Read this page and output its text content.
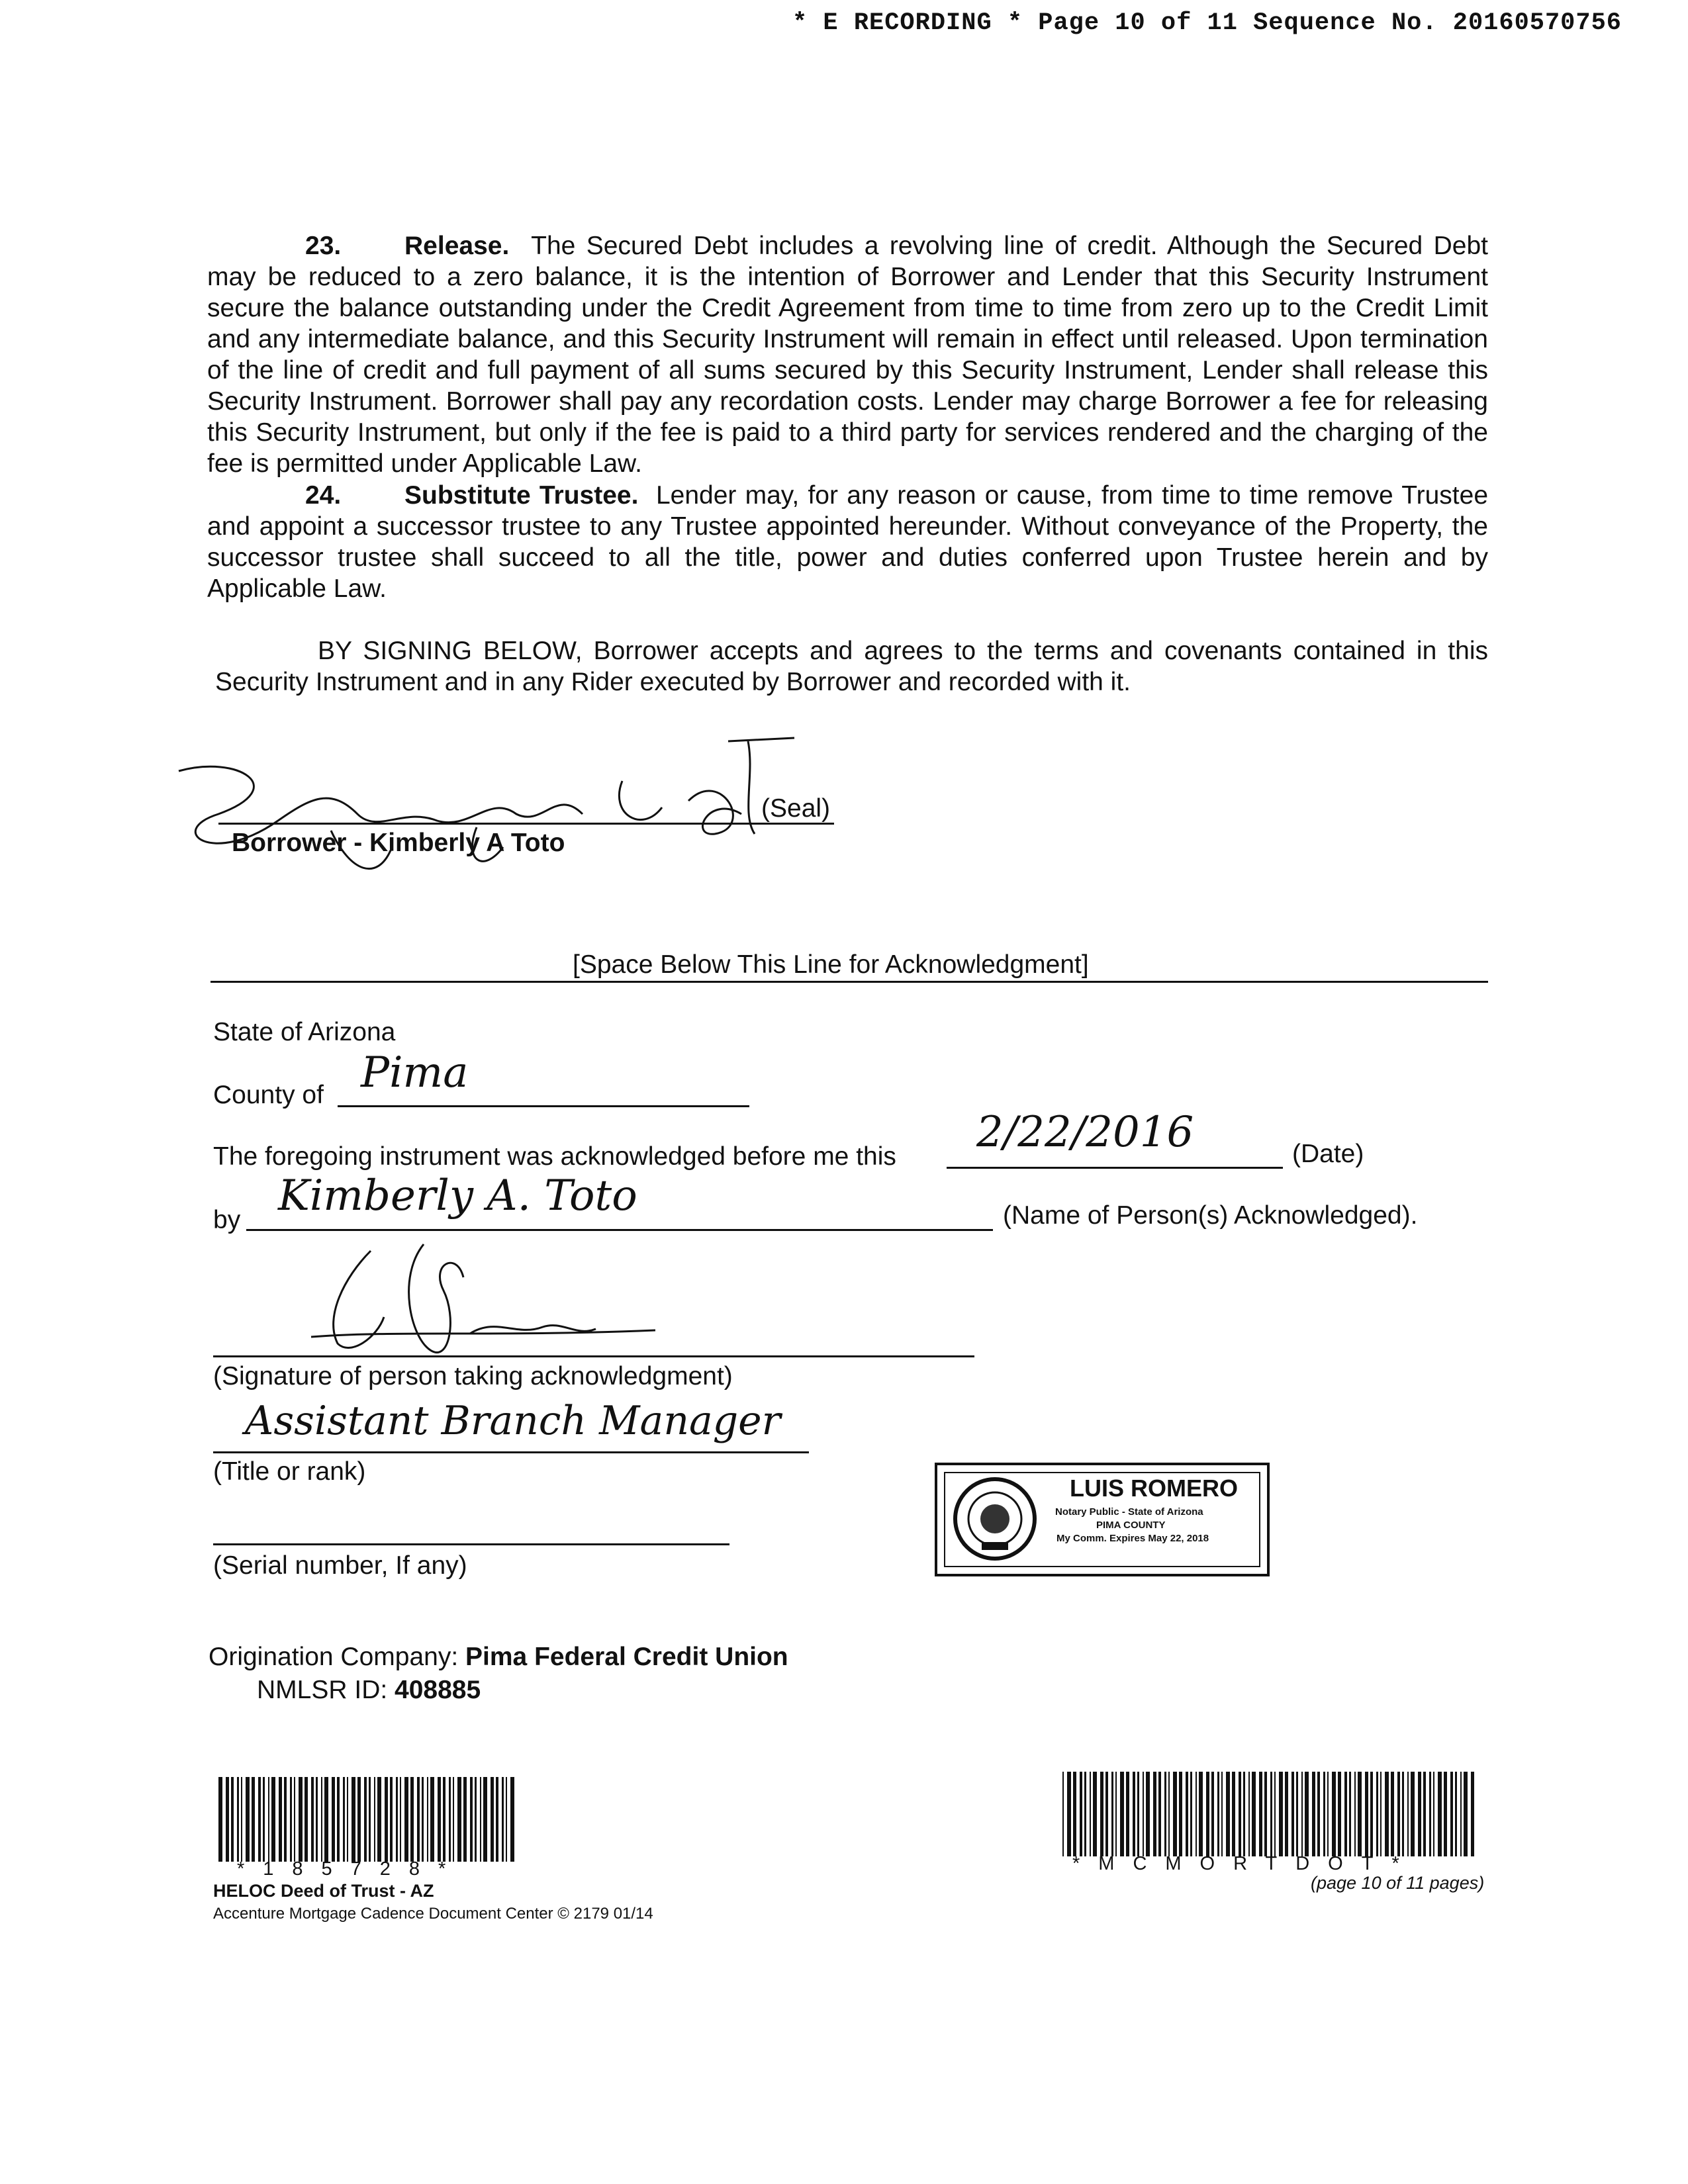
* E RECORDING * Page 10 of 11 Sequence No. 20160570756

23. Release. The Secured Debt includes a revolving line of credit. Although the Secured Debt may be reduced to a zero balance, it is the intention of Borrower and Lender that this Security Instrument secure the balance outstanding under the Credit Agreement from time to time from zero up to the Credit Limit and any intermediate balance, and this Security Instrument will remain in effect until released. Upon termination of the line of credit and full payment of all sums secured by this Security Instrument, Lender shall release this Security Instrument. Borrower shall pay any recordation costs. Lender may charge Borrower a fee for releasing this Security Instrument, but only if the fee is paid to a third party for services rendered and the charging of the fee is permitted under Applicable Law.

24. Substitute Trustee. Lender may, for any reason or cause, from time to time remove Trustee and appoint a successor trustee to any Trustee appointed hereunder. Without conveyance of the Property, the successor trustee shall succeed to all the title, power and duties conferred upon Trustee herein and by Applicable Law.

BY SIGNING BELOW, Borrower accepts and agrees to the terms and covenants contained in this Security Instrument and in any Rider executed by Borrower and recorded with it.
(Seal)
Borrower - Kimberly A Toto
[Space Below This Line for Acknowledgment]
State of Arizona
County of Pima
The foregoing instrument was acknowledged before me this 2/22/2016	(Date)
by Kimberly A. Toto	(Name of Person(s) Acknowledged).
(Signature of person taking acknowledgment)
Assistant Branch Manager
(Title or rank)
(Serial number, If any)
LUIS ROMERO
Notary Public - State of Arizona
PIMA COUNTY
My Comm. Expires May 22, 2018
Origination Company: Pima Federal Credit Union
NMLSR ID: 408885
*185728*	*MCMORTDOT*
HELOC Deed of Trust - AZ
Accenture Mortgage Cadence Document Center © 2179 01/14
(page 10 of 11 pages)
